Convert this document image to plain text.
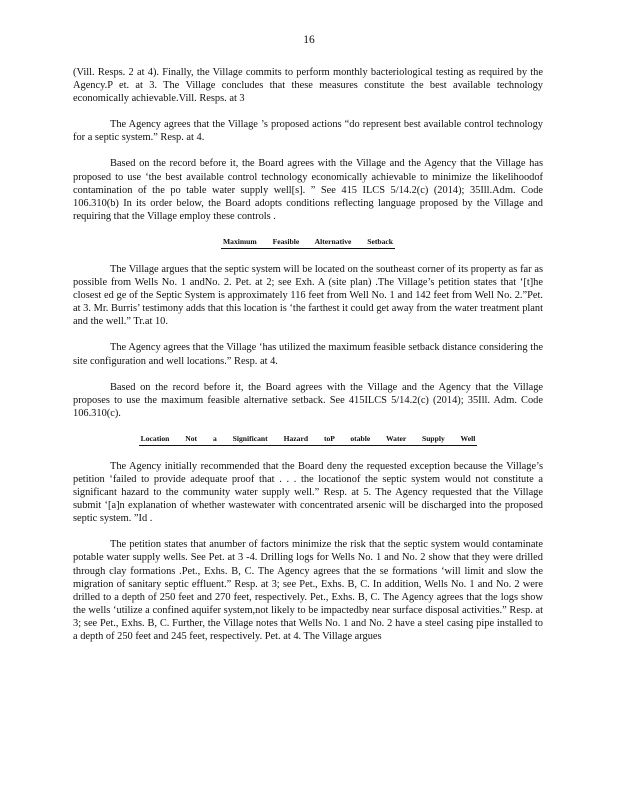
16

(Vill. Resps. 2 at 4). Finally, the Village commits to perform monthly bacteriological testing as required by the Agency.P et. at 3. The Village concludes that these measures constitute the best available technology economically achievable.Vill. Resps. at 3

The Agency agrees that the Village ’s proposed actions “do represent best available control technology for a septic system.” Resp. at 4.

Based on the record before it, the Board agrees with the Village and the Agency that the Village has proposed to use ‘the best available control technology economically achievable to minimize the likelihoodof contamination of the po table water supply well[s]. ” See 415 ILCS 5/14.2(c) (2014); 35Ill.Adm. Code 106.310(b) In its order below, the Board adopts conditions reflecting language proposed by the Village and requiring that the Village employ these controls .

Maximum Feasible Alternative Setback

The Village argues that the septic system will be located on the southeast corner of its property as far as possible from Wells No. 1 andNo. 2. Pet. at 2; see Exh. A (site plan) .The Village’s petition states that ‘[t]he closest ed ge of the Septic System is approximately 116 feet from Well No. 1 and 142 feet from Well No. 2.”Pet. at 3. Mr. Burris’ testimony adds that this location is ‘the farthest it could get away from the water treatment plant and the well.” Tr.at 10.

The Agency agrees that the Village ‘has utilized the maximum feasible setback distance considering the site configuration and well locations.” Resp. at 4.

Based on the record before it, the Board agrees with the Village and the Agency that the Village proposes to use the maximum feasible alternative setback. See 415ILCS 5/14.2(c) (2014); 35Ill. Adm. Code 106.310(c).

Location Not a Significant Hazard toP otable Water Supply Well

The Agency initially recommended that the Board deny the requested exception because the Village’s petition ‘failed to provide adequate proof that . . . the locationof the septic system would not constitute a significant hazard to the community water supply well.” Resp. at 5. The Agency requested that the Village submit ‘[a]n explanation of whether wastewater with concentrated arsenic will be discharged into the proposed septic system. ”Id .

The petition states that anumber of factors minimize the risk that the septic system would contaminate potable water supply wells. See Pet. at 3 -4. Drilling logs for Wells No. 1 and No. 2 show that they were drilled through clay formations .Pet., Exhs. B, C. The Agency agrees that the se formations ‘will limit and slow the migration of sanitary septic effluent.” Resp. at 3; see Pet., Exhs. B, C. In addition, Wells No. 1 and No. 2 were drilled to a depth of 250 feet and 270 feet, respectively. Pet., Exhs. B, C. The Agency agrees that the logs show the wells ‘utilize a confined aquifer system,not likely to be impactedby near surface disposal activities.” Resp. at 3; see Pet., Exhs. B, C. Further, the Village notes that Wells No. 1 and No. 2 have a steel casing pipe installed to a depth of 250 feet and 245 feet, respectively. Pet. at 4. The Village argues
